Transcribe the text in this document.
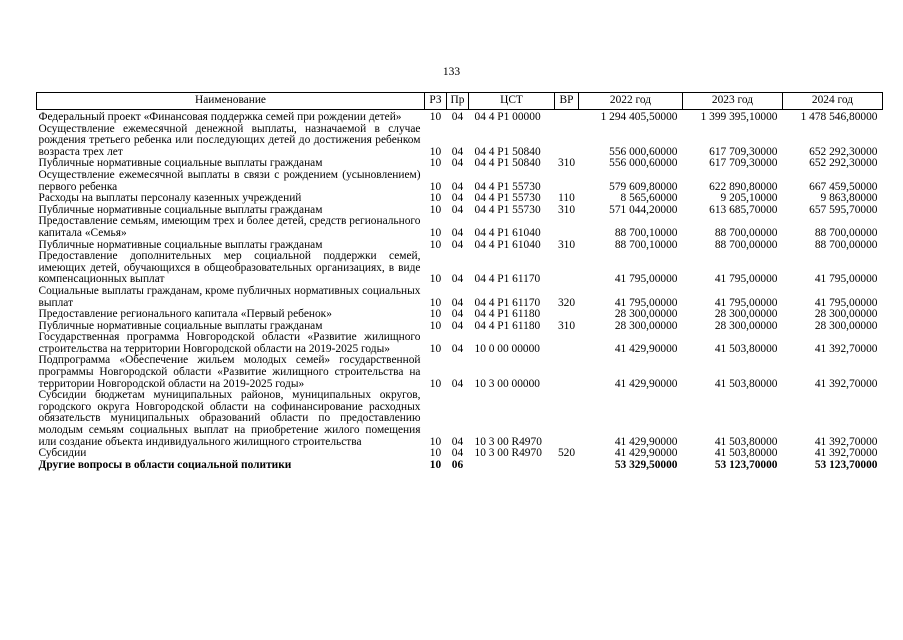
133
Наименование	РЗ	Пр	ЦСТ	ВР	2022 год	2023 год	2024 год
Федеральный проект «Финансовая поддержка семей при рождении детей»	10	04	04 4 P1 00000		1 294 405,50000	1 399 395,10000	1 478 546,80000
Осуществление ежемесячной денежной выплаты, назначаемой в случае рождения третьего ребенка или последующих детей до достижения ребенком возраста трех лет	10	04	04 4 P1 50840		556 000,60000	617 709,30000	652 292,30000
Публичные нормативные социальные выплаты гражданам	10	04	04 4 P1 50840	310	556 000,60000	617 709,30000	652 292,30000
Осуществление ежемесячной выплаты в связи с рождением (усыновлением) первого ребенка	10	04	04 4 P1 55730		579 609,80000	622 890,80000	667 459,50000
Расходы на выплаты персоналу казенных учреждений	10	04	04 4 P1 55730	110	8 565,60000	9 205,10000	9 863,80000
Публичные нормативные социальные выплаты гражданам	10	04	04 4 P1 55730	310	571 044,20000	613 685,70000	657 595,70000
Предоставление семьям, имеющим трех и более детей, средств регионального капитала «Семья»	10	04	04 4 P1 61040		88 700,10000	88 700,00000	88 700,00000
Публичные нормативные социальные выплаты гражданам	10	04	04 4 P1 61040	310	88 700,10000	88 700,00000	88 700,00000
Предоставление дополнительных мер социальной поддержки семей, имеющих детей, обучающихся в общеобразовательных организациях, в виде компенсационных выплат	10	04	04 4 P1 61170		41 795,00000	41 795,00000	41 795,00000
Социальные выплаты гражданам, кроме публичных нормативных социальных выплат	10	04	04 4 P1 61170	320	41 795,00000	41 795,00000	41 795,00000
Предоставление регионального капитала «Первый ребенок»	10	04	04 4 P1 61180		28 300,00000	28 300,00000	28 300,00000
Публичные нормативные социальные выплаты гражданам	10	04	04 4 P1 61180	310	28 300,00000	28 300,00000	28 300,00000
Государственная программа Новгородской области «Развитие жилищного строительства на территории Новгородской области на 2019-2025 годы»	10	04	10 0 00 00000		41 429,90000	41 503,80000	41 392,70000
Подпрограмма «Обеспечение жильем молодых семей» государственной программы Новгородской области «Развитие жилищного строительства на территории Новгородской области на 2019-2025 годы»	10	04	10 3 00 00000		41 429,90000	41 503,80000	41 392,70000
Субсидии бюджетам муниципальных районов, муниципальных округов, городского округа Новгородской области на софинансирование расходных обязательств муниципальных образований области по предоставлению молодым семьям социальных выплат на приобретение жилого помещения или создание объекта индивидуального жилищного строительства	10	04	10 3 00 R4970		41 429,90000	41 503,80000	41 392,70000
Субсидии	10	04	10 3 00 R4970	520	41 429,90000	41 503,80000	41 392,70000
Другие вопросы в области социальной политики	10	06			53 329,50000	53 123,70000	53 123,70000
